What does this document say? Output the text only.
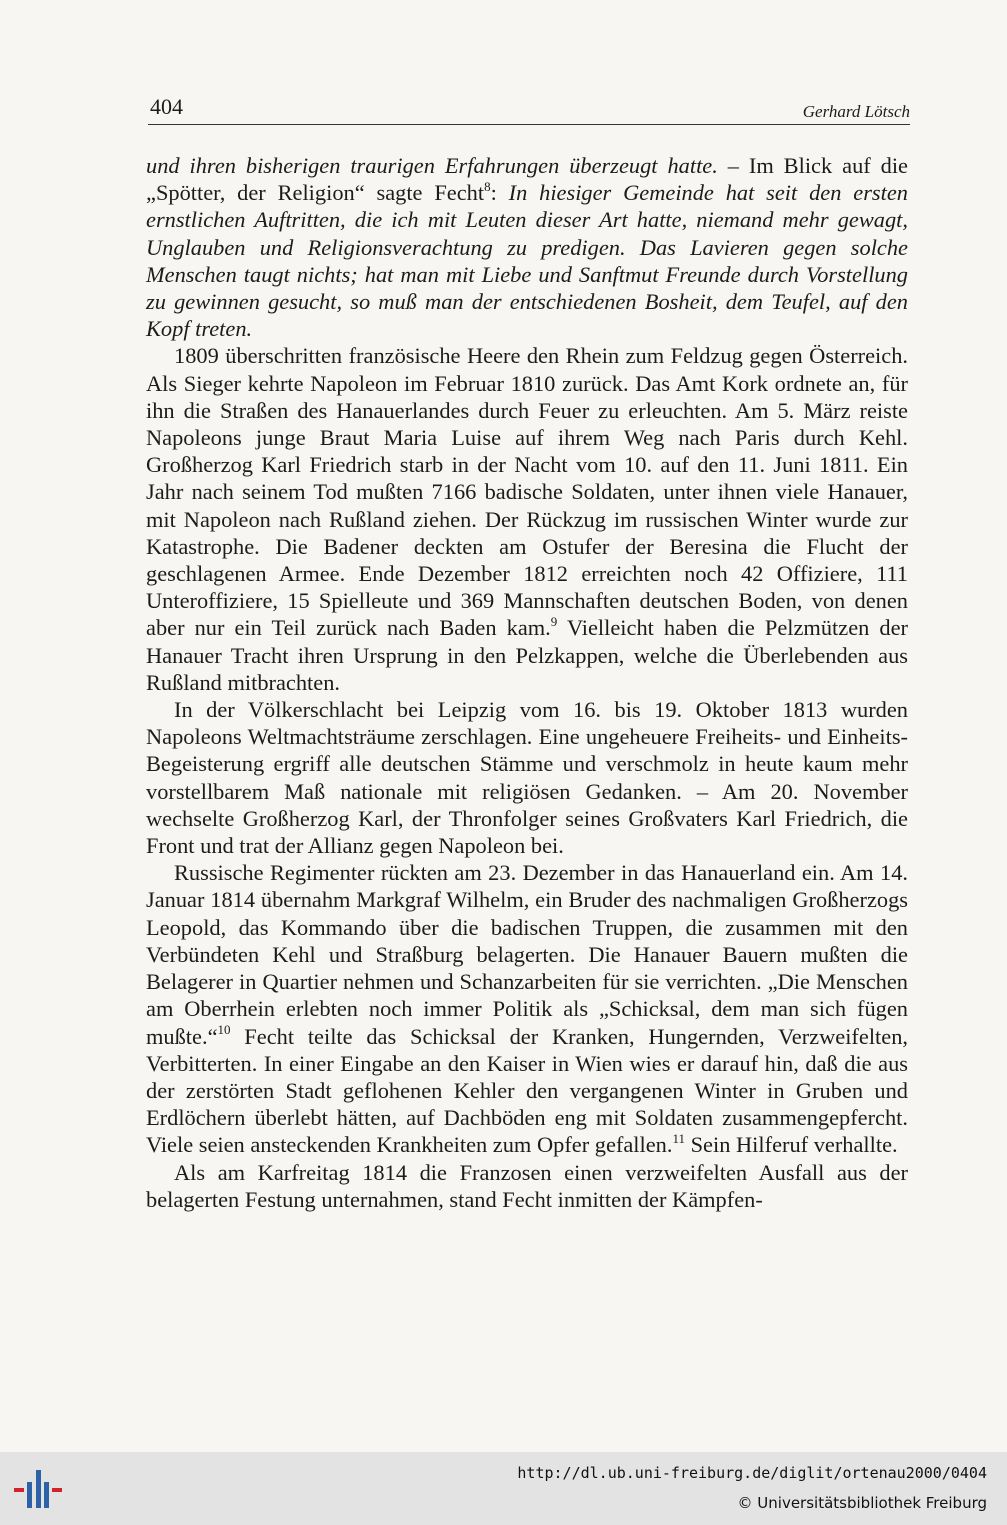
404	Gerhard Lötsch

und ihren bisherigen traurigen Erfahrungen überzeugt hatte. – Im Blick auf die „Spötter, der Religion“ sagte Fecht$^8$: In hiesiger Gemeinde hat seit den ersten ernstlichen Auftritten, die ich mit Leuten dieser Art hatte, niemand mehr gewagt, Unglauben und Religionsverachtung zu predigen. Das Lavieren gegen solche Menschen taugt nichts; hat man mit Liebe und Sanftmut Freunde durch Vorstellung zu gewinnen gesucht, so muß man der entschiedenen Bosheit, dem Teufel, auf den Kopf treten.

1809 überschritten französische Heere den Rhein zum Feldzug gegen Österreich. Als Sieger kehrte Napoleon im Februar 1810 zurück. Das Amt Kork ordnete an, für ihn die Straßen des Hanauerlandes durch Feuer zu erleuchten. Am 5. März reiste Napoleons junge Braut Maria Luise auf ihrem Weg nach Paris durch Kehl. Großherzog Karl Friedrich starb in der Nacht vom 10. auf den 11. Juni 1811. Ein Jahr nach seinem Tod mußten 7166 badische Soldaten, unter ihnen viele Hanauer, mit Napoleon nach Rußland ziehen. Der Rückzug im russischen Winter wurde zur Katastrophe. Die Badener deckten am Ostufer der Beresina die Flucht der geschlagenen Armee. Ende Dezember 1812 erreichten noch 42 Offiziere, 111 Unteroffiziere, 15 Spielleute und 369 Mannschaften deutschen Boden, von denen aber nur ein Teil zurück nach Baden kam.$^9$ Vielleicht haben die Pelzmützen der Hanauer Tracht ihren Ursprung in den Pelzkappen, welche die Überlebenden aus Rußland mitbrachten.

In der Völkerschlacht bei Leipzig vom 16. bis 19. Oktober 1813 wurden Napoleons Weltmachtsträume zerschlagen. Eine ungeheuere Freiheits- und Einheits-Begeisterung ergriff alle deutschen Stämme und verschmolz in heute kaum mehr vorstellbarem Maß nationale mit religiösen Gedanken. – Am 20. November wechselte Großherzog Karl, der Thronfolger seines Großvaters Karl Friedrich, die Front und trat der Allianz gegen Napoleon bei.

Russische Regimenter rückten am 23. Dezember in das Hanauerland ein. Am 14. Januar 1814 übernahm Markgraf Wilhelm, ein Bruder des nachmaligen Großherzogs Leopold, das Kommando über die badischen Truppen, die zusammen mit den Verbündeten Kehl und Straßburg belagerten. Die Hanauer Bauern mußten die Belagerer in Quartier nehmen und Schanzarbeiten für sie verrichten. „Die Menschen am Oberrhein erlebten noch immer Politik als „Schicksal, dem man sich fügen mußte.“$^{10}$ Fecht teilte das Schicksal der Kranken, Hungernden, Verzweifelten, Verbitterten. In einer Eingabe an den Kaiser in Wien wies er darauf hin, daß die aus der zerstörten Stadt geflohenen Kehler den vergangenen Winter in Gruben und Erdlöchern überlebt hätten, auf Dachböden eng mit Soldaten zusammengepfercht. Viele seien ansteckenden Krankheiten zum Opfer gefallen.$^{11}$ Sein Hilferuf verhallte.

Als am Karfreitag 1814 die Franzosen einen verzweifelten Ausfall aus der belagerten Festung unternahmen, stand Fecht inmitten der Kämpfen-

http://dl.ub.uni-freiburg.de/diglit/ortenau2000/0404
© Universitätsbibliothek Freiburg
